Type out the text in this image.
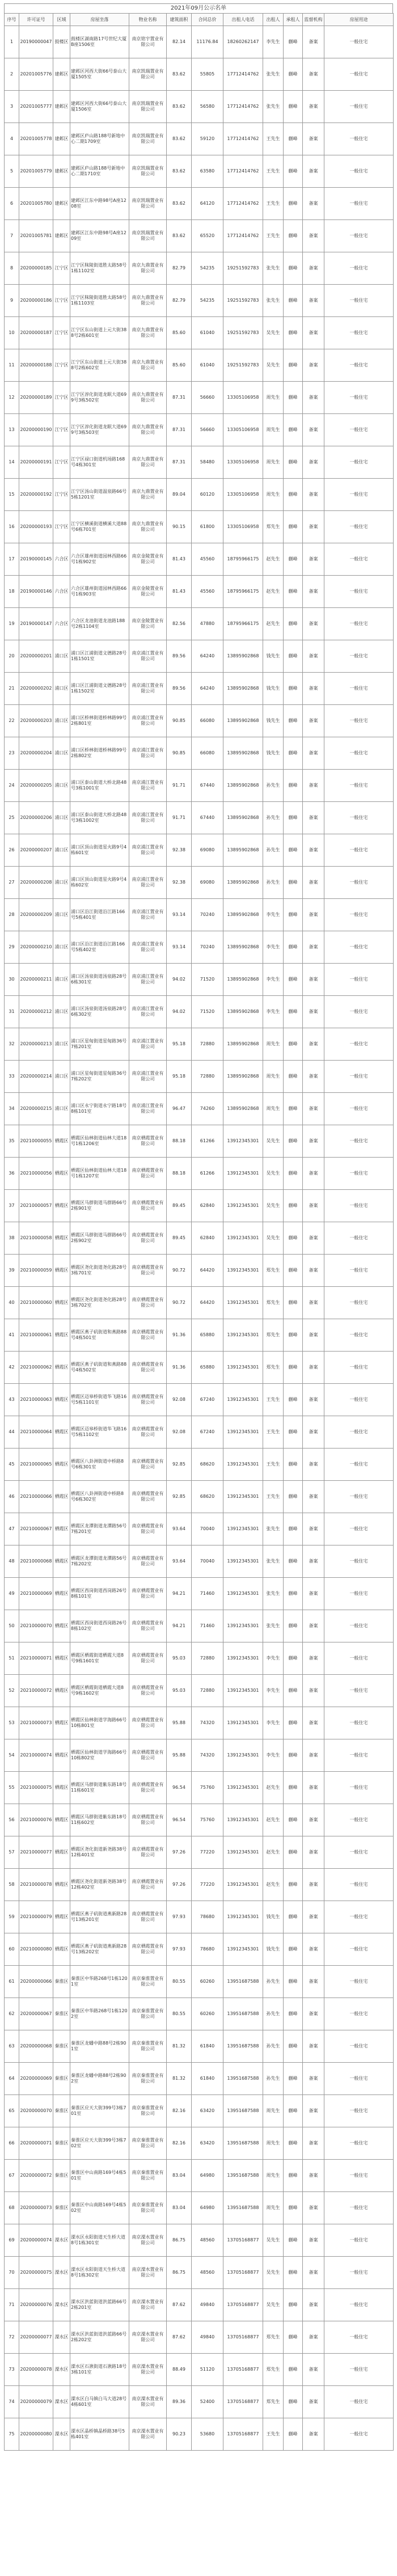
2021年09月公示名单
序号	许可证号	区域	房屋坐落	物业名称	建筑面积	合同总价	出租人电话	出租人	承租人	监督机构	房屋用途
1	20190000047	鼓楼区	鼓楼区湖南路17号世纪大厦B座1506室	南京铭宇置业有限公司	82.14	11176.84	18260262147	李先生	蒯峰	备案	一般住宅
2	20201005776	建邺区	建邺区河西大街66号泰山大厦1505室	南京凯瑞置业有限公司	83.62	55805	17712414762	张先生	蒯峰	备案	一般住宅
3	20201005777	建邺区	建邺区河西大街66号泰山大厦1506室	南京凯瑞置业有限公司	83.62	56580	17712414762	张先生	蒯峰	备案	一般住宅
4	20201005778	建邺区	建邺区庐山路188号新地中心二期1709室	南京凯瑞置业有限公司	83.62	59120	17712414762	王先生	蒯峰	备案	一般住宅
5	20201005779	建邺区	建邺区庐山路188号新地中心二期1710室	南京凯瑞置业有限公司	83.62	63580	17712414762	王先生	蒯峰	备案	一般住宅
6	20201005780	建邺区	建邺区江东中路98号A座1208室	南京凯瑞置业有限公司	83.62	64120	17712414762	王先生	蒯峰	备案	一般住宅
7	20201005781	建邺区	建邺区江东中路98号A座1209室	南京凯瑞置业有限公司	83.62	65520	17712414762	王先生	蒯峰	备案	一般住宅
8	20200000185	江宁区	江宁区秣陵街道胜太路58号1栋1102室	南京九鼎置业有限公司	82.79	54235	19251592783	张先生	蒯峰	备案	一般住宅
9	20200000186	江宁区	江宁区秣陵街道胜太路58号1栋1103室	南京九鼎置业有限公司	82.79	54235	19251592783	张先生	蒯峰	备案	一般住宅
10	20200000187	江宁区	江宁区东山街道上元大街388号2栋601室	南京九鼎置业有限公司	85.60	61040	19251592783	吴先生	蒯峰	备案	一般住宅
11	20200000188	江宁区	江宁区东山街道上元大街388号2栋602室	南京九鼎置业有限公司	85.60	61040	19251592783	吴先生	蒯峰	备案	一般住宅
12	20200000189	江宁区	江宁区淳化街道龙眠大道699号3栋502室	南京九鼎置业有限公司	87.31	56660	13305106958	周先生	蒯峰	备案	一般住宅
13	20200000190	江宁区	江宁区淳化街道龙眠大道699号3栋503室	南京九鼎置业有限公司	87.31	56660	13305106958	周先生	蒯峰	备案	一般住宅
14	20200000191	江宁区	江宁区禄口街道机场路168号4栋301室	南京九鼎置业有限公司	87.31	58480	13305106958	周先生	蒯峰	备案	一般住宅
15	20200000192	江宁区	江宁区汤山街道温泉路66号5栋1201室	南京九鼎置业有限公司	89.04	60120	13305106958	周先生	蒯峰	备案	一般住宅
16	20200000193	江宁区	江宁区横溪街道横溪大道88号6栋701室	南京九鼎置业有限公司	90.15	61800	13305106958	郑先生	蒯峰	备案	一般住宅
17	20190000145	六合区	六合区雄州街道园林西路66号1栋902室	南京金陵置业有限公司	81.43	45560	18795966175	赵先生	蒯峰	备案	一般住宅
18	20190000146	六合区	六合区雄州街道园林西路66号1栋903室	南京金陵置业有限公司	81.43	45560	18795966175	赵先生	蒯峰	备案	一般住宅
19	20190000147	六合区	六合区龙池街道龙池路188号2栋1104室	南京金陵置业有限公司	82.56	47880	18795966175	赵先生	蒯峰	备案	一般住宅
20	20200000201	浦口区	浦口区江浦街道文德路28号1栋1501室	南京浦江置业有限公司	89.56	64240	13895902868	钱先生	蒯峰	备案	一般住宅
21	20200000202	浦口区	浦口区江浦街道文德路28号1栋1502室	南京浦江置业有限公司	89.56	64240	13895902868	钱先生	蒯峰	备案	一般住宅
22	20200000203	浦口区	浦口区桥林街道桥林路99号2栋801室	南京浦江置业有限公司	90.85	66080	13895902868	钱先生	蒯峰	备案	一般住宅
23	20200000204	浦口区	浦口区桥林街道桥林路99号2栋802室	南京浦江置业有限公司	90.85	66080	13895902868	钱先生	蒯峰	备案	一般住宅
24	20200000205	浦口区	浦口区泰山街道大桥北路48号3栋1001室	南京浦江置业有限公司	91.71	67440	13895902868	孙先生	蒯峰	备案	一般住宅
25	20200000206	浦口区	浦口区泰山街道大桥北路48号3栋1002室	南京浦江置业有限公司	91.71	67440	13895902868	孙先生	蒯峰	备案	一般住宅
26	20200000207	浦口区	浦口区顶山街道星火路9号4栋601室	南京浦江置业有限公司	92.38	69080	13895902868	孙先生	蒯峰	备案	一般住宅
27	20200000208	浦口区	浦口区顶山街道星火路9号4栋602室	南京浦江置业有限公司	92.38	69080	13895902868	孙先生	蒯峰	备案	一般住宅
28	20200000209	浦口区	浦口区沿江街道沿江路166号5栋401室	南京浦江置业有限公司	93.14	70240	13895902868	李先生	蒯峰	备案	一般住宅
29	20200000210	浦口区	浦口区沿江街道沿江路166号5栋402室	南京浦江置业有限公司	93.14	70240	13895902868	李先生	蒯峰	备案	一般住宅
30	20200000211	浦口区	浦口区汤泉街道汤泉路28号6栋301室	南京浦江置业有限公司	94.02	71520	13895902868	李先生	蒯峰	备案	一般住宅
31	20200000212	浦口区	浦口区汤泉街道汤泉路28号6栋302室	南京浦江置业有限公司	94.02	71520	13895902868	李先生	蒯峰	备案	一般住宅
32	20200000213	浦口区	浦口区星甸街道星甸路36号7栋201室	南京浦江置业有限公司	95.18	72880	13895902868	周先生	蒯峰	备案	一般住宅
33	20200000214	浦口区	浦口区星甸街道星甸路36号7栋202室	南京浦江置业有限公司	95.18	72880	13895902868	周先生	蒯峰	备案	一般住宅
34	20200000215	浦口区	浦口区永宁街道永宁路18号8栋101室	南京浦江置业有限公司	96.47	74260	13895902868	周先生	蒯峰	备案	一般住宅
35	20210000055	栖霞区	栖霞区仙林街道仙林大道18号1栋1206室	南京栖霞置业有限公司	88.18	61266	13912345301	吴先生	蒯峰	备案	一般住宅
36	20210000056	栖霞区	栖霞区仙林街道仙林大道18号1栋1207室	南京栖霞置业有限公司	88.18	61266	13912345301	吴先生	蒯峰	备案	一般住宅
37	20210000057	栖霞区	栖霞区马群街道马群路66号2栋901室	南京栖霞置业有限公司	89.45	62840	13912345301	吴先生	蒯峰	备案	一般住宅
38	20210000058	栖霞区	栖霞区马群街道马群路66号2栋902室	南京栖霞置业有限公司	89.45	62840	13912345301	吴先生	蒯峰	备案	一般住宅
39	20210000059	栖霞区	栖霞区尧化街道尧化路28号3栋701室	南京栖霞置业有限公司	90.72	64420	13912345301	郑先生	蒯峰	备案	一般住宅
40	20210000060	栖霞区	栖霞区尧化街道尧化路28号3栋702室	南京栖霞置业有限公司	90.72	64420	13912345301	郑先生	蒯峰	备案	一般住宅
41	20210000061	栖霞区	栖霞区燕子矶街道和燕路88号4栋501室	南京栖霞置业有限公司	91.36	65880	13912345301	郑先生	蒯峰	备案	一般住宅
42	20210000062	栖霞区	栖霞区燕子矶街道和燕路88号4栋502室	南京栖霞置业有限公司	91.36	65880	13912345301	郑先生	蒯峰	备案	一般住宅
43	20210000063	栖霞区	栖霞区迈皋桥街道华飞路16号5栋1101室	南京栖霞置业有限公司	92.08	67240	13912345301	王先生	蒯峰	备案	一般住宅
44	20210000064	栖霞区	栖霞区迈皋桥街道华飞路16号5栋1102室	南京栖霞置业有限公司	92.08	67240	13912345301	王先生	蒯峰	备案	一般住宅
45	20210000065	栖霞区	栖霞区八卦洲街道中桥路8号6栋301室	南京栖霞置业有限公司	92.85	68620	13912345301	王先生	蒯峰	备案	一般住宅
46	20210000066	栖霞区	栖霞区八卦洲街道中桥路8号6栋302室	南京栖霞置业有限公司	92.85	68620	13912345301	王先生	蒯峰	备案	一般住宅
47	20210000067	栖霞区	栖霞区龙潭街道龙潭路56号7栋201室	南京栖霞置业有限公司	93.64	70040	13912345301	张先生	蒯峰	备案	一般住宅
48	20210000068	栖霞区	栖霞区龙潭街道龙潭路56号7栋202室	南京栖霞置业有限公司	93.64	70040	13912345301	张先生	蒯峰	备案	一般住宅
49	20210000069	栖霞区	栖霞区西岗街道西岗路26号8栋101室	南京栖霞置业有限公司	94.21	71460	13912345301	张先生	蒯峰	备案	一般住宅
50	20210000070	栖霞区	栖霞区西岗街道西岗路26号8栋102室	南京栖霞置业有限公司	94.21	71460	13912345301	张先生	蒯峰	备案	一般住宅
51	20210000071	栖霞区	栖霞区栖霞街道栖霞大道8号9栋1601室	南京栖霞置业有限公司	95.03	72880	13912345301	李先生	蒯峰	备案	一般住宅
52	20210000072	栖霞区	栖霞区栖霞街道栖霞大道8号9栋1602室	南京栖霞置业有限公司	95.03	72880	13912345301	李先生	蒯峰	备案	一般住宅
53	20210000073	栖霞区	栖霞区仙林街道学海路66号10栋801室	南京栖霞置业有限公司	95.88	74320	13912345301	李先生	蒯峰	备案	一般住宅
54	20210000074	栖霞区	栖霞区仙林街道学海路66号10栋802室	南京栖霞置业有限公司	95.88	74320	13912345301	李先生	蒯峰	备案	一般住宅
55	20210000075	栖霞区	栖霞区马群街道紫东路18号11栋601室	南京栖霞置业有限公司	96.54	75760	13912345301	赵先生	蒯峰	备案	一般住宅
56	20210000076	栖霞区	栖霞区马群街道紫东路18号11栋602室	南京栖霞置业有限公司	96.54	75760	13912345301	赵先生	蒯峰	备案	一般住宅
57	20210000077	栖霞区	栖霞区尧化街道新尧路38号12栋401室	南京栖霞置业有限公司	97.26	77220	13912345301	赵先生	蒯峰	备案	一般住宅
58	20210000078	栖霞区	栖霞区尧化街道新尧路38号12栋402室	南京栖霞置业有限公司	97.26	77220	13912345301	赵先生	蒯峰	备案	一般住宅
59	20210000079	栖霞区	栖霞区燕子矶街道燕新路28号13栋201室	南京栖霞置业有限公司	97.93	78680	13912345301	钱先生	蒯峰	备案	一般住宅
60	20210000080	栖霞区	栖霞区燕子矶街道燕新路28号13栋202室	南京栖霞置业有限公司	97.93	78680	13912345301	钱先生	蒯峰	备案	一般住宅
61	20200000066	秦淮区	秦淮区中华路268号1栋1201室	南京秦淮置业有限公司	80.55	60260	13951687588	孙先生	蒯峰	备案	一般住宅
62	20200000067	秦淮区	秦淮区中华路268号1栋1202室	南京秦淮置业有限公司	80.55	60260	13951687588	孙先生	蒯峰	备案	一般住宅
63	20200000068	秦淮区	秦淮区龙蟠中路88号2栋901室	南京秦淮置业有限公司	81.32	61840	13951687588	孙先生	蒯峰	备案	一般住宅
64	20200000069	秦淮区	秦淮区龙蟠中路88号2栋902室	南京秦淮置业有限公司	81.32	61840	13951687588	孙先生	蒯峰	备案	一般住宅
65	20200000070	秦淮区	秦淮区应天大街399号3栋701室	南京秦淮置业有限公司	82.16	63420	13951687588	周先生	蒯峰	备案	一般住宅
66	20200000071	秦淮区	秦淮区应天大街399号3栋702室	南京秦淮置业有限公司	82.16	63420	13951687588	周先生	蒯峰	备案	一般住宅
67	20200000072	秦淮区	秦淮区中山南路169号4栋501室	南京秦淮置业有限公司	83.04	64980	13951687588	周先生	蒯峰	备案	一般住宅
68	20200000073	秦淮区	秦淮区中山南路169号4栋502室	南京秦淮置业有限公司	83.04	64980	13951687588	周先生	蒯峰	备案	一般住宅
69	20200000074	溧水区	溧水区永阳街道天生桥大道8号1栋301室	南京溧水置业有限公司	86.75	48560	13705168877	吴先生	蒯峰	备案	一般住宅
70	20200000075	溧水区	溧水区永阳街道天生桥大道8号1栋302室	南京溧水置业有限公司	86.75	48560	13705168877	吴先生	蒯峰	备案	一般住宅
71	20200000076	溧水区	溧水区洪蓝街道洪蓝路66号2栋201室	南京溧水置业有限公司	87.62	49840	13705168877	吴先生	蒯峰	备案	一般住宅
72	20200000077	溧水区	溧水区洪蓝街道洪蓝路66号2栋202室	南京溧水置业有限公司	87.62	49840	13705168877	郑先生	蒯峰	备案	一般住宅
73	20200000078	溧水区	溧水区石湫街道石湫路18号3栋101室	南京溧水置业有限公司	88.49	51120	13705168877	郑先生	蒯峰	备案	一般住宅
74	20200000079	溧水区	溧水区白马镇白马大道28号4栋601室	南京溧水置业有限公司	89.36	52400	13705168877	郑先生	蒯峰	备案	一般住宅
75	20200000080	溧水区	溧水区晶桥镇晶桥路38号5栋401室	南京溧水置业有限公司	90.23	53680	13705168877	王先生	蒯峰	备案	一般住宅
